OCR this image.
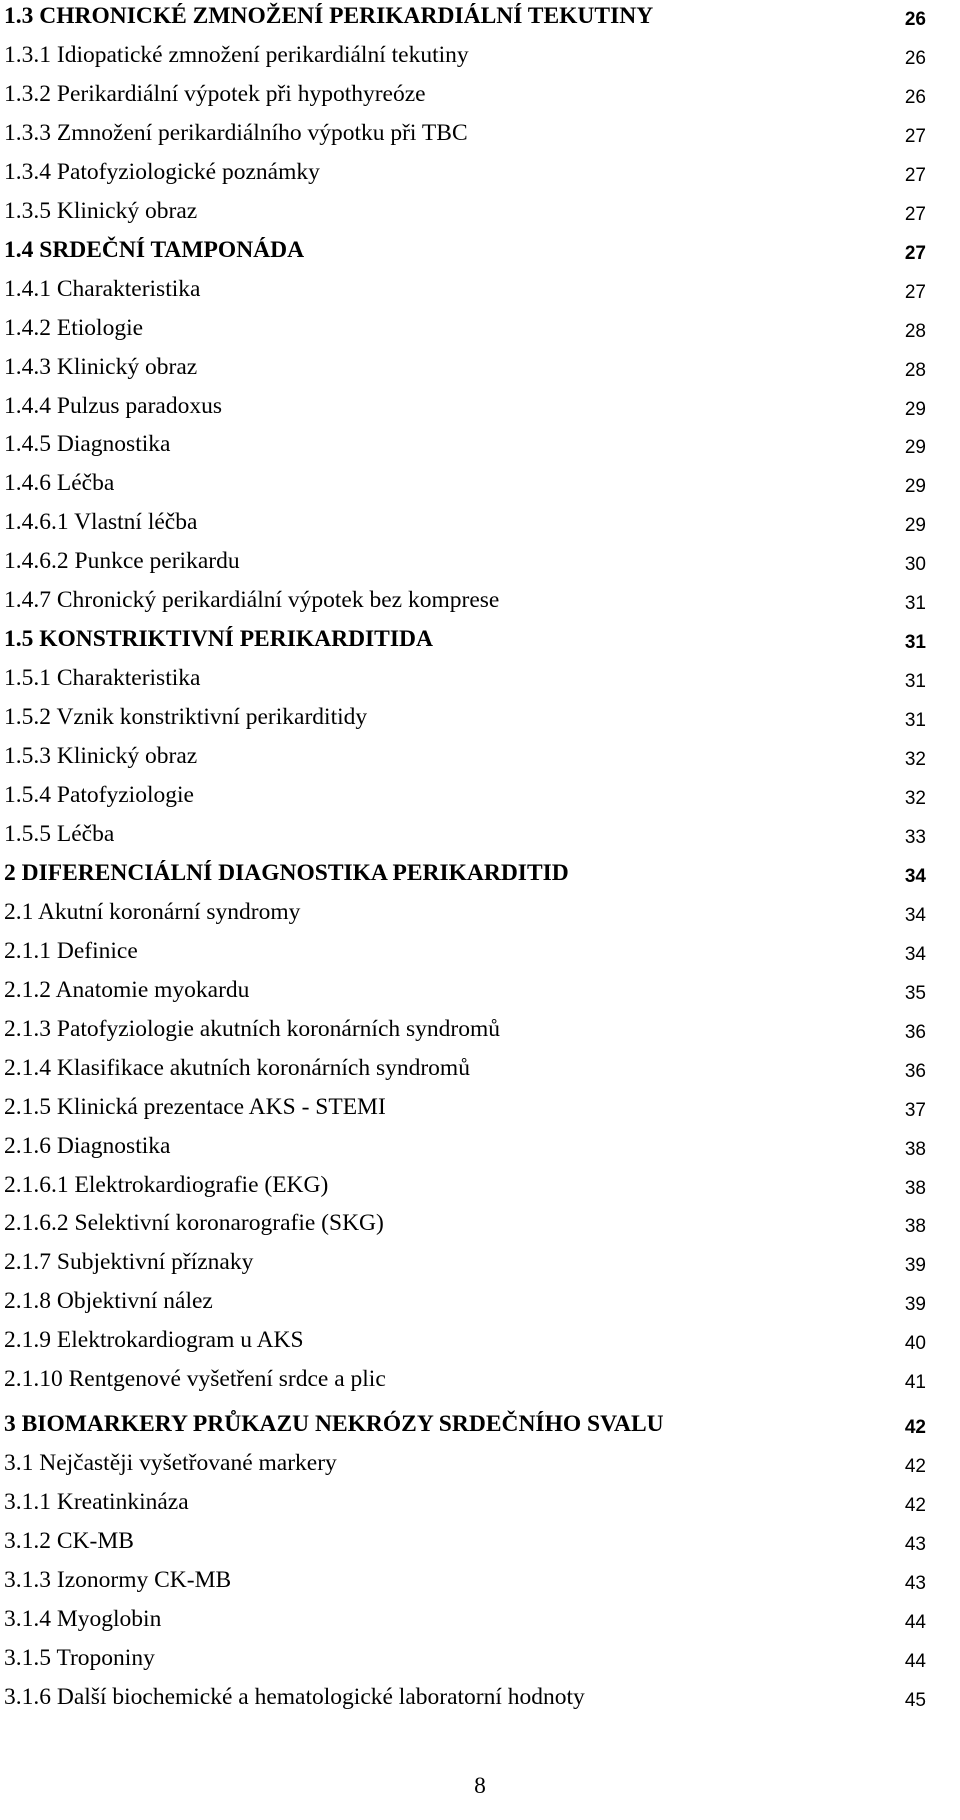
1.3 CHRONICKÉ ZMNOŽENÍ PERIKARDIÁLNÍ TEKUTINY	26
1.3.1 Idiopatické zmnožení perikardiální tekutiny	26
1.3.2 Perikardiální výpotek při hypothyreóze	26
1.3.3 Zmnožení perikardiálního výpotku při TBC	27
1.3.4 Patofyziologické poznámky	27
1.3.5 Klinický obraz	27
1.4 SRDEČNÍ TAMPONÁDA	27
1.4.1 Charakteristika	27
1.4.2 Etiologie	28
1.4.3 Klinický obraz	28
1.4.4 Pulzus paradoxus	29
1.4.5 Diagnostika	29
1.4.6 Léčba	29
1.4.6.1 Vlastní léčba	29
1.4.6.2 Punkce perikardu	30
1.4.7 Chronický perikardiální výpotek bez komprese	31
1.5 KONSTRIKTIVNÍ PERIKARDITIDA	31
1.5.1 Charakteristika	31
1.5.2 Vznik konstriktivní perikarditidy	31
1.5.3 Klinický obraz	32
1.5.4 Patofyziologie	32
1.5.5 Léčba	33
2 DIFERENCIÁLNÍ DIAGNOSTIKA PERIKARDITID	34
2.1 Akutní koronární syndromy	34
2.1.1 Definice	34
2.1.2 Anatomie myokardu	35
2.1.3 Patofyziologie akutních koronárních syndromů	36
2.1.4 Klasifikace akutních koronárních syndromů	36
2.1.5 Klinická prezentace AKS - STEMI	37
2.1.6 Diagnostika	38
2.1.6.1 Elektrokardiografie (EKG)	38
2.1.6.2 Selektivní koronarografie (SKG)	38
2.1.7 Subjektivní příznaky	39
2.1.8 Objektivní nález	39
2.1.9 Elektrokardiogram u AKS	40
2.1.10 Rentgenové vyšetření srdce a plic	41
3 BIOMARKERY PRŮKAZU NEKRÓZY SRDEČNÍHO SVALU	42
3.1 Nejčastěji vyšetřované markery	42
3.1.1 Kreatinkináza	42
3.1.2 CK-MB	43
3.1.3 Izonormy CK-MB	43
3.1.4 Myoglobin	44
3.1.5 Troponiny	44
3.1.6 Další biochemické a hematologické laboratorní hodnoty	45
8
